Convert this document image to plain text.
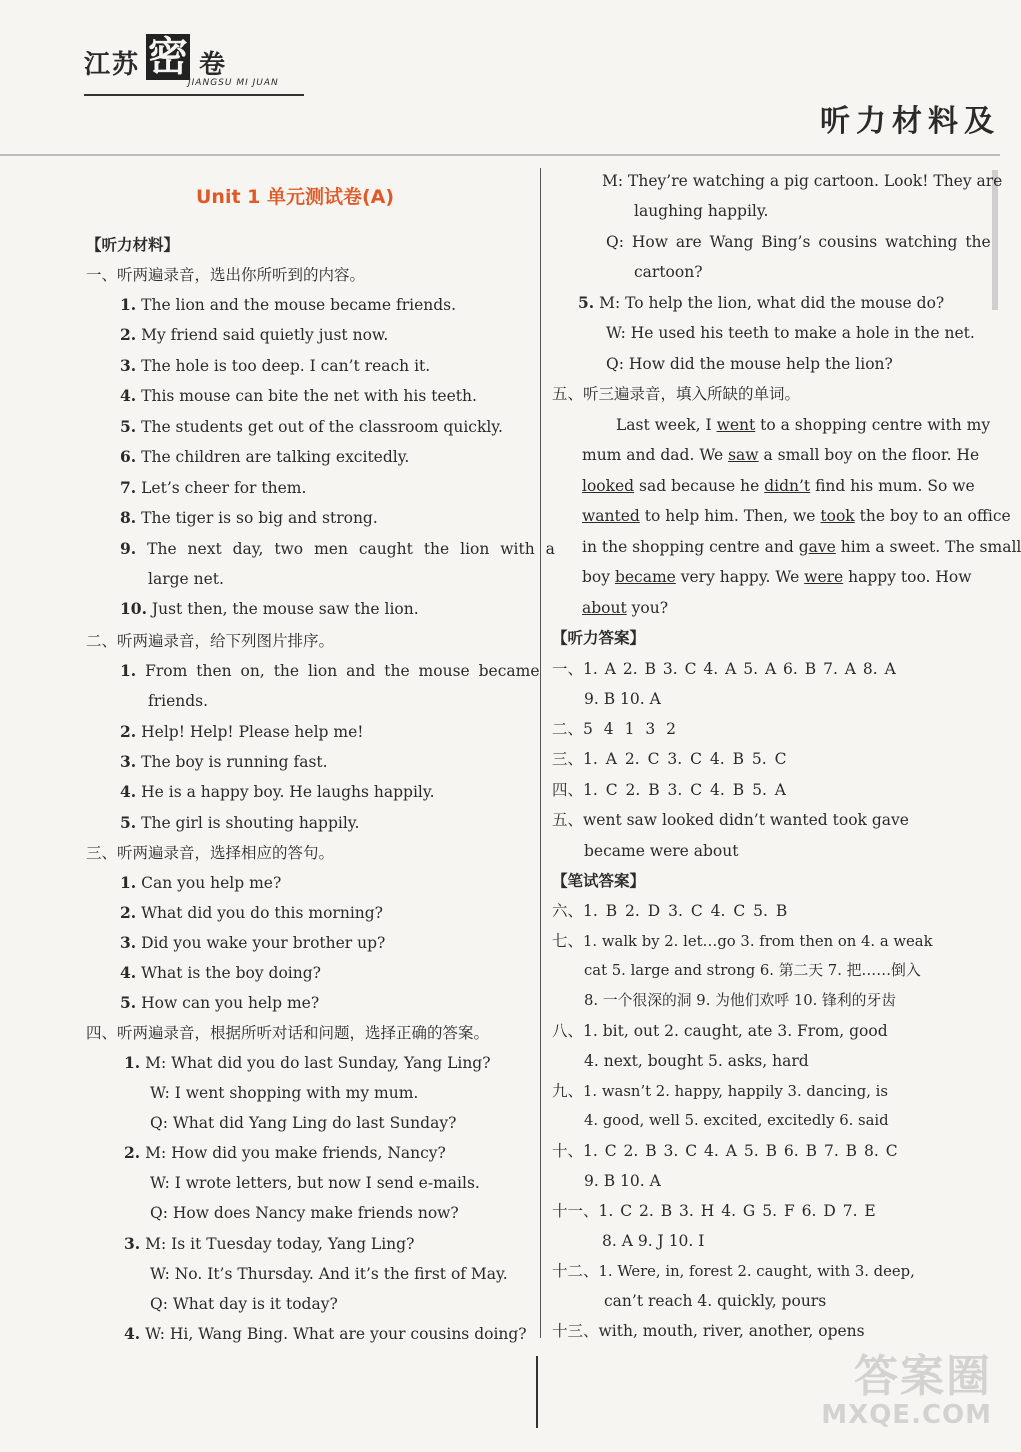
江苏 密 卷
JIANGSU MI JUAN
听力材料及
Unit 1 单元测试卷(A)
【听力材料】
一、听两遍录音，选出你所听到的内容。
1. The lion and the mouse became friends.
2. My friend said quietly just now.
3. The hole is too deep. I can’t reach it.
4. This mouse can bite the net with his teeth.
5. The students get out of the classroom quickly.
6. The children are talking excitedly.
7. Let’s cheer for them.
8. The tiger is so big and strong.
9. The next day, two men caught the lion with a
large net.
10. Just then, the mouse saw the lion.
二、听两遍录音，给下列图片排序。
1. From then on, the lion and the mouse became
friends.
2. Help! Help! Please help me!
3. The boy is running fast.
4. He is a happy boy. He laughs happily.
5. The girl is shouting happily.
三、听两遍录音，选择相应的答句。
1. Can you help me?
2. What did you do this morning?
3. Did you wake your brother up?
4. What is the boy doing?
5. How can you help me?
四、听两遍录音，根据所听对话和问题，选择正确的答案。
1. M: What did you do last Sunday, Yang Ling?
W: I went shopping with my mum.
Q: What did Yang Ling do last Sunday?
2. M: How did you make friends, Nancy?
W: I wrote letters, but now I send e-mails.
Q: How does Nancy make friends now?
3. M: Is it Tuesday today, Yang Ling?
W: No. It’s Thursday. And it’s the first of May.
Q: What day is it today?
4. W: Hi, Wang Bing. What are your cousins doing?
M: They’re watching a pig cartoon. Look! They are
laughing happily.
Q: How are Wang Bing’s cousins watching the
cartoon?
5. M: To help the lion, what did the mouse do?
W: He used his teeth to make a hole in the net.
Q: How did the mouse help the lion?
五、听三遍录音，填入所缺的单词。
Last week, I went to a shopping centre with my
mum and dad. We saw a small boy on the floor. He
looked sad because he didn’t find his mum. So we
wanted to help him. Then, we took the boy to an office
in the shopping centre and gave him a sweet. The small
boy became very happy. We were happy too. How
about you?
【听力答案】
一、1. A 2. B 3. C 4. A 5. A 6. B 7. A 8. A
9. B 10. A
二、5 4 1 3 2
三、1. A 2. C 3. C 4. B 5. C
四、1. C 2. B 3. C 4. B 5. A
五、went saw looked didn’t wanted took gave
became were about
【笔试答案】
六、1. B 2. D 3. C 4. C 5. B
七、1. walk by 2. let…go 3. from then on 4. a weak
cat 5. large and strong 6. 第二天 7. 把……倒入
8. 一个很深的洞 9. 为他们欢呼 10. 锋利的牙齿
八、1. bit, out 2. caught, ate 3. From, good
4. next, bought 5. asks, hard
九、1. wasn’t 2. happy, happily 3. dancing, is
4. good, well 5. excited, excitedly 6. said
十、1. C 2. B 3. C 4. A 5. B 6. B 7. B 8. C
9. B 10. A
十一、1. C 2. B 3. H 4. G 5. F 6. D 7. E
8. A 9. J 10. I
十二、1. Were, in, forest 2. caught, with 3. deep,
can’t reach 4. quickly, pours
十三、with, mouth, river, another, opens
答案圈
MXQE.COM
